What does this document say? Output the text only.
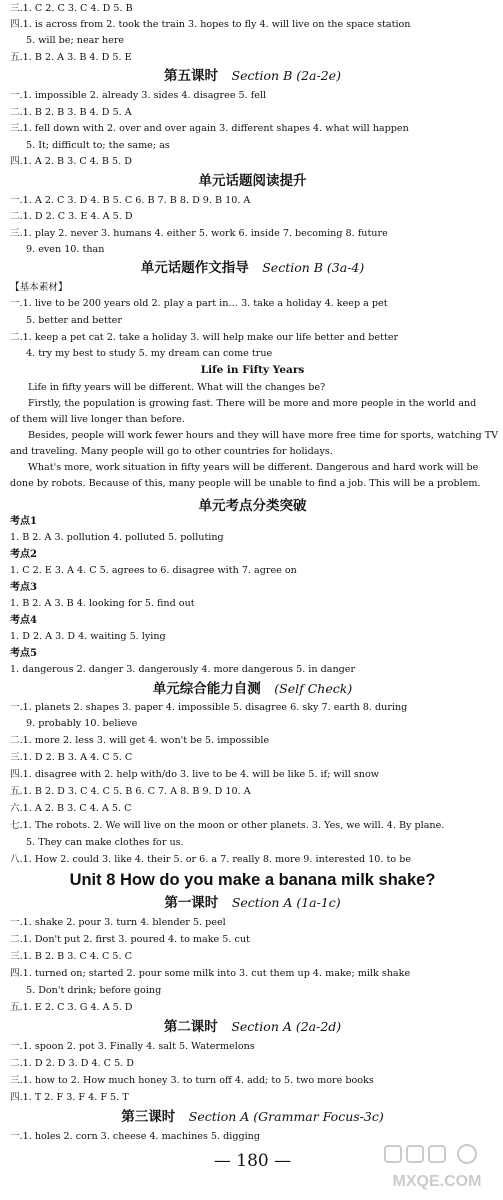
三.1. C 2. C 3. C 4. D 5. B
四.1. is across from 2. took the train 3. hopes to fly 4. will live on the space station
5. will be; near here
五.1. B 2. A 3. B 4. D 5. E
一.1. impossible 2. already 3. sides 4. disagree 5. fell
二.1. B 2. B 3. B 4. D 5. A
三.1. fell down with 2. over and over again 3. different shapes 4. what will happen
5. It; difficult to; the same; as
四.1. A 2. B 3. C 4. B 5. D
一.1. A 2. C 3. D 4. B 5. C 6. B 7. B 8. D 9. B 10. A
二.1. D 2. C 3. E 4. A 5. D
三.1. play 2. never 3. humans 4. either 5. work 6. inside 7. becoming 8. future
9. even 10. than
【基本素材】
一.1. live to be 200 years old 2. play a part in… 3. take a holiday 4. keep a pet
5. better and better
二.1. keep a pet cat 2. take a holiday 3. will help make our life better and better
4. try my best to study 5. my dream can come true
Life in fifty years will be different. What will the changes be?
Firstly, the population is growing fast. There will be more and more people in the world and
of them will live longer than before.
Besides, people will work fewer hours and they will have more free time for sports, watching TV
and traveling. Many people will go to other countries for holidays.
What's more, work situation in fifty years will be different. Dangerous and hard work will be
done by robots. Because of this, many people will be unable to find a job. This will be a problem.
1. B 2. A 3. pollution 4. polluted 5. polluting
1. C 2. E 3. A 4. C 5. agrees to 6. disagree with 7. agree on
1. B 2. A 3. B 4. looking for 5. find out
1. D 2. A 3. D 4. waiting 5. lying
1. dangerous 2. danger 3. dangerously 4. more dangerous 5. in danger
一.1. planets 2. shapes 3. paper 4. impossible 5. disagree 6. sky 7. earth 8. during
9. probably 10. believe
二.1. more 2. less 3. will get 4. won't be 5. impossible
三.1. D 2. B 3. A 4. C 5. C
四.1. disagree with 2. help with/do 3. live to be 4. will be like 5. if; will snow
五.1. B 2. D 3. C 4. C 5. B 6. C 7. A 8. B 9. D 10. A
六.1. A 2. B 3. C 4. A 5. C
七.1. The robots. 2. We will live on the moon or other planets. 3. Yes, we will. 4. By plane.
5. They can make clothes for us.
八.1. How 2. could 3. like 4. their 5. or 6. a 7. really 8. more 9. interested 10. to be
一.1. shake 2. pour 3. turn 4. blender 5. peel
二.1. Don't put 2. first 3. poured 4. to make 5. cut
三.1. B 2. B 3. C 4. C 5. C
四.1. turned on; started 2. pour some milk into 3. cut them up 4. make; milk shake
5. Don't drink; before going
五.1. E 2. C 3. G 4. A 5. D
一.1. spoon 2. pot 3. Finally 4. salt 5. Watermelons
二.1. D 2. D 3. D 4. C 5. D
三.1. how to 2. How much honey 3. to turn off 4. add; to 5. two more books
四.1. T 2. F 3. F 4. F 5. T
一.1. holes 2. corn 3. cheese 4. machines 5. digging
第五课时  Section B (2a-2e)
单元话题阅读提升
单元话题作文指导  Section B (3a-4)
单元考点分类突破
单元综合能力自测  (Self Check)
第一课时  Section A (1a-1c)
第二课时  Section A (2a-2d)
第三课时  Section A (Grammar Focus-3c)
Life in Fifty Years
考点1
考点2
考点3
考点4
考点5
Unit 8 How do you make a banana milk shake?
— 180 —
MXQE.COM
